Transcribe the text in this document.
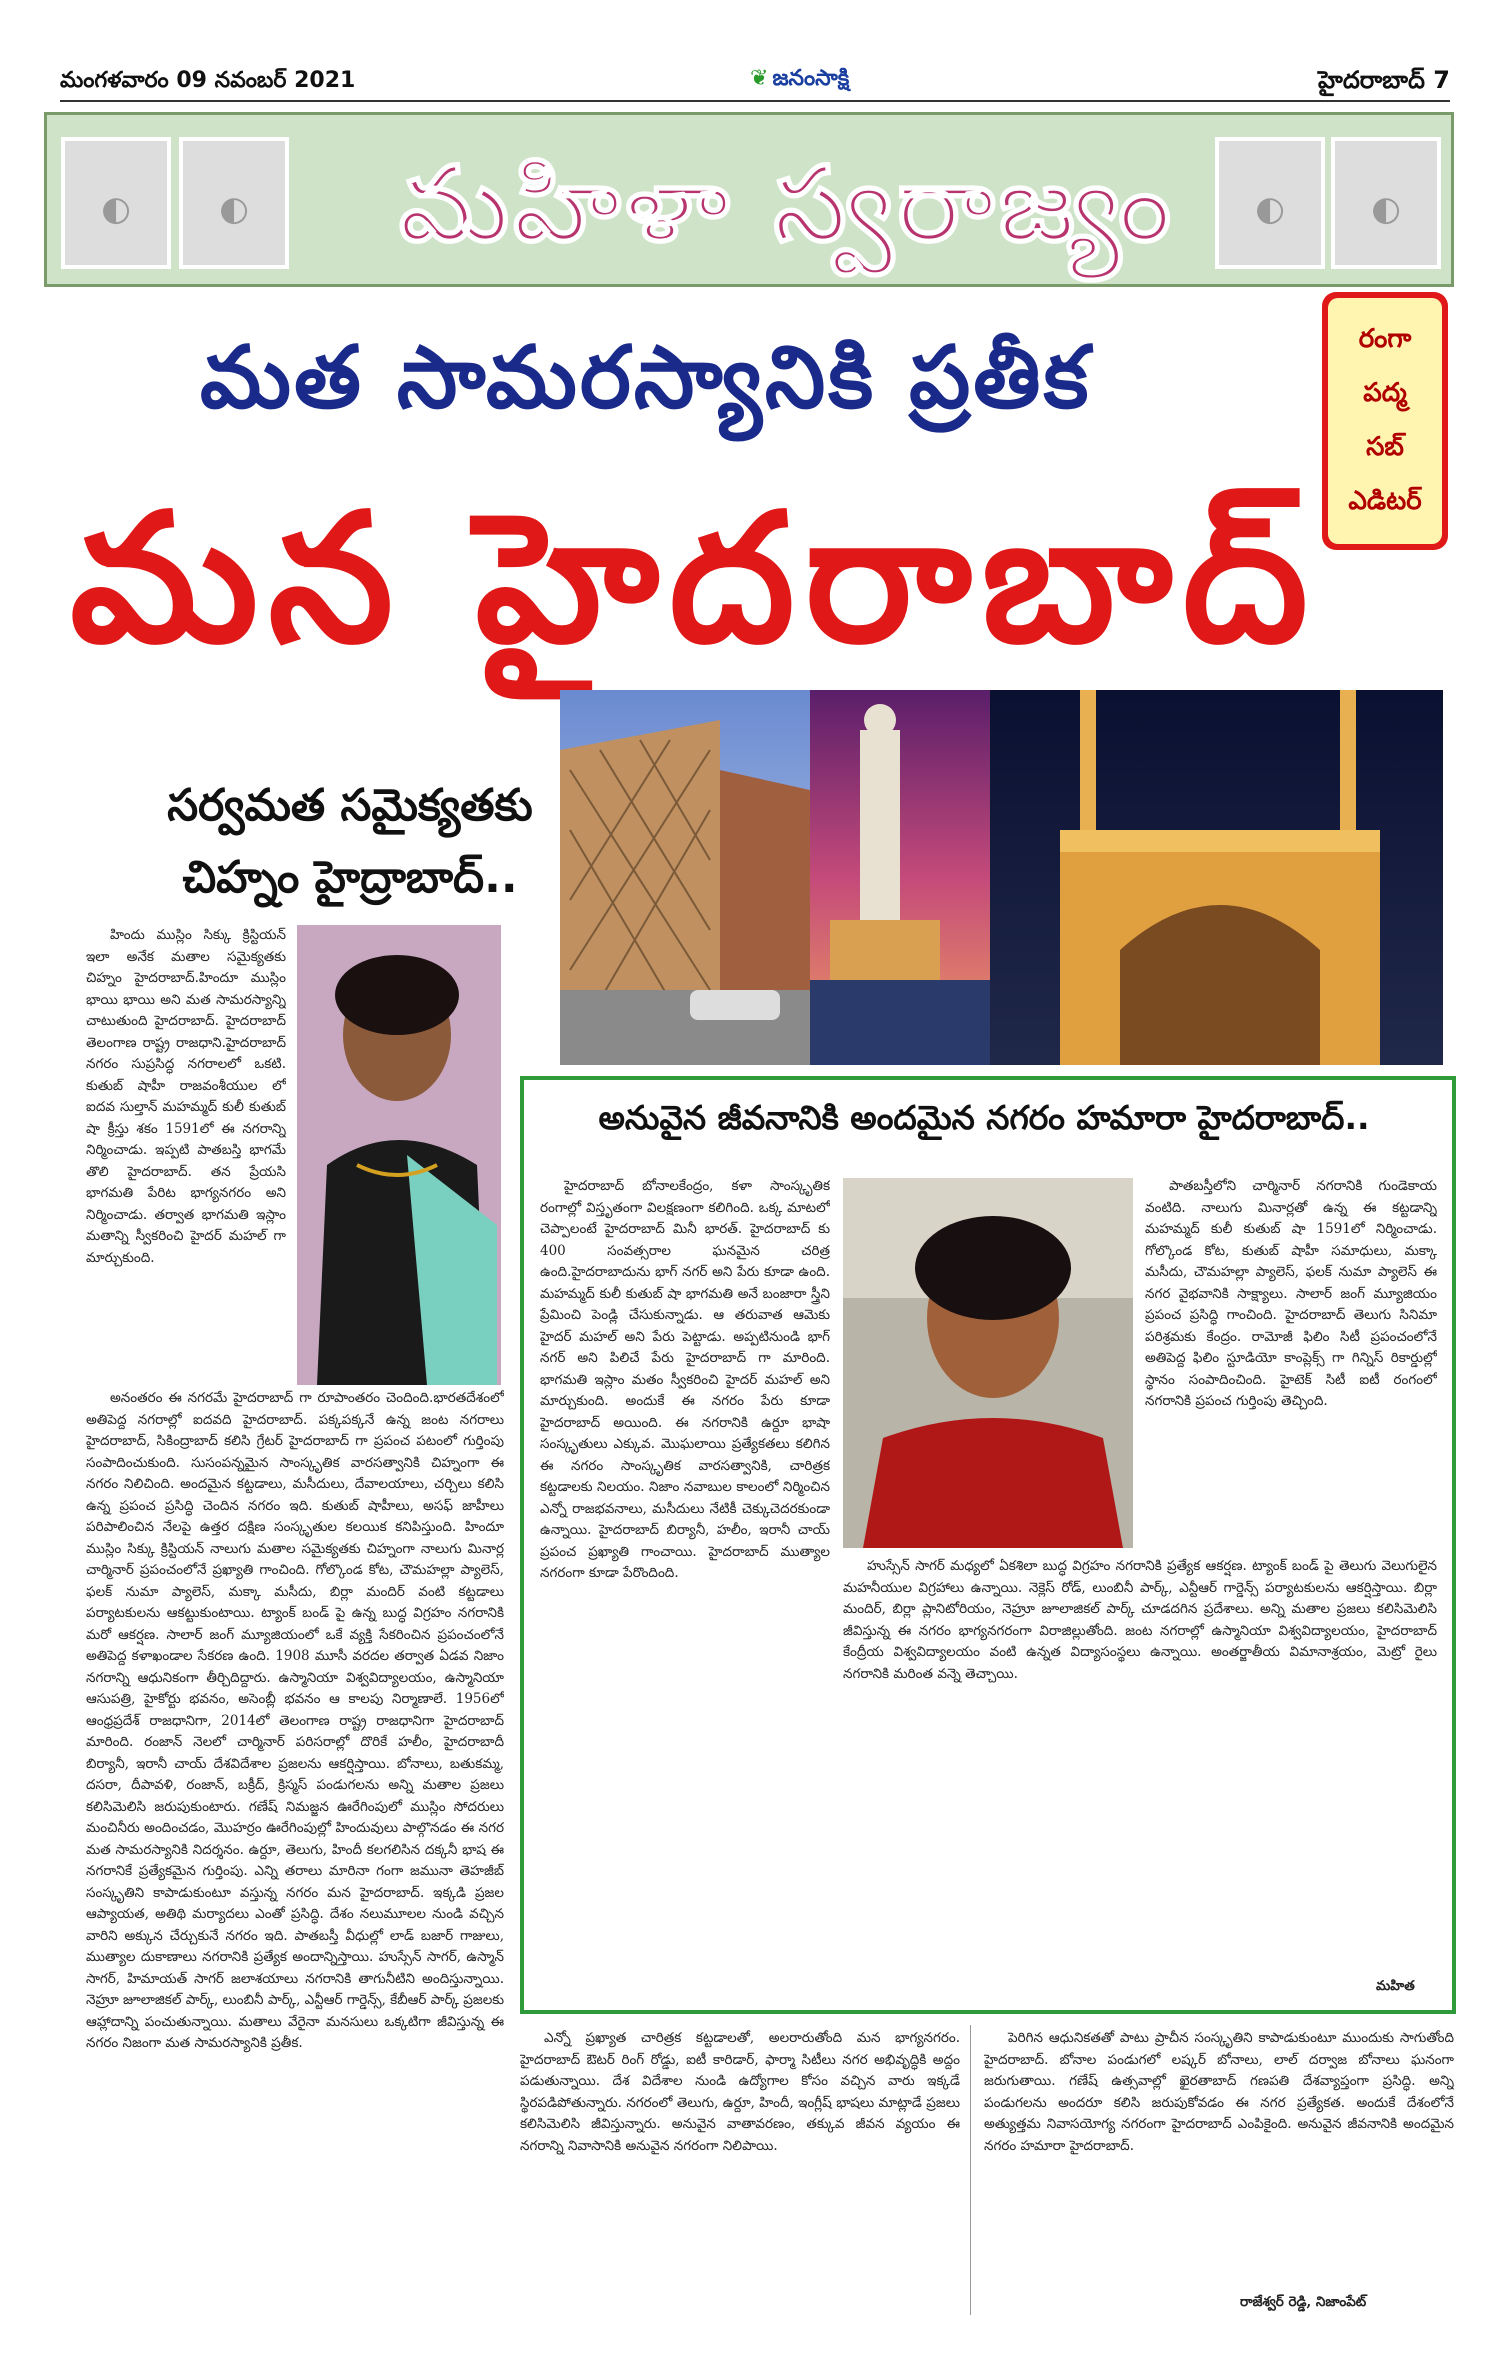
మంగళవారం 09 నవంబర్ 2021	❦ జనంసాక్షి	హైదరాబాద్ 7
◐	◐	మహిళా స్వరాజ్యం	◐	◐
మత సామరస్యానికి ప్రతీక
మన హైదరాబాద్
రంగా
పద్మ
సబ్
ఎడిటర్
సర్వమత సమైక్యతకు
చిహ్నం హైద్రాబాద్..
అనువైన జీవనానికి అందమైన నగరం హమారా హైదరాబాద్..

హిందు ముస్లిం సిక్కు క్రిస్టియన్ ఇలా అనేక మతాల సమైక్యతకు చిహ్నం హైదరాబాద్.హిందూ ముస్లిం భాయి భాయి అని మత సామరస్యాన్ని చాటుతుంది హైదరాబాద్. హైదరాబాద్ తెలంగాణ రాష్ట్ర రాజధాని.హైదరాబాద్ నగరం సుప్రసిద్ధ నగరాలలో ఒకటి. కుతుబ్ షాహీ రాజవంశీయుల లో ఐదవ సుల్తాన్ మహమ్మద్ కులీ కుతుబ్ షా క్రీస్తు శకం 1591లో ఈ నగరాన్ని నిర్మించాడు. ఇప్పటి పాతబస్తి భాగమే తొలి హైదరాబాద్. తన ప్రేయసి భాగమతి పేరిట భాగ్యనగరం అని నిర్మించాడు. తర్వాత భాగమతి ఇస్లాం మతాన్ని స్వీకరించి హైదర్ మహల్ గా మార్చుకుంది.

అనంతరం ఈ నగరమే హైదరాబాద్ గా రూపాంతరం చెందింది.భారతదేశంలో అతిపెద్ద నగరాల్లో ఐదవది హైదరాబాద్. పక్కపక్కనే ఉన్న జంట నగరాలు హైదరాబాద్, సికింద్రాబాద్ కలిసి గ్రేటర్ హైదరాబాద్ గా ప్రపంచ పటంలో గుర్తింపు సంపాదించుకుంది. సుసంపన్నమైన సాంస్కృతిక వారసత్వానికి చిహ్నంగా ఈ నగరం నిలిచింది. అందమైన కట్టడాలు, మసీదులు, దేవాలయాలు, చర్చిలు కలిసి ఉన్న ప్రపంచ ప్రసిద్ధి చెందిన నగరం ఇది. కుతుబ్ షాహీలు, అసఫ్ జాహీలు పరిపాలించిన నేలపై ఉత్తర దక్షిణ సంస్కృతుల కలయిక కనిపిస్తుంది. హిందూ ముస్లిం సిక్కు క్రిస్టియన్ నాలుగు మతాల సమైక్యతకు చిహ్నంగా నాలుగు మినార్ల చార్మినార్ ప్రపంచంలోనే ప్రఖ్యాతి గాంచింది. గోల్కొండ కోట, చౌమహల్లా ప్యాలెస్, ఫలక్ నుమా ప్యాలెస్, మక్కా మసీదు, బిర్లా మందిర్ వంటి కట్టడాలు పర్యాటకులను ఆకట్టుకుంటాయి. ట్యాంక్ బండ్ పై ఉన్న బుద్ధ విగ్రహం నగరానికి మరో ఆకర్షణ. సాలార్ జంగ్ మ్యూజియంలో ఒకే వ్యక్తి సేకరించిన ప్రపంచంలోనే అతిపెద్ద కళాఖండాల సేకరణ ఉంది. 1908 మూసీ వరదల తర్వాత ఏడవ నిజాం నగరాన్ని ఆధునికంగా తీర్చిదిద్దారు. ఉస్మానియా విశ్వవిద్యాలయం, ఉస్మానియా ఆసుపత్రి, హైకోర్టు భవనం, అసెంబ్లీ భవనం ఆ కాలపు నిర్మాణాలే. 1956లో ఆంధ్రప్రదేశ్ రాజధానిగా, 2014లో తెలంగాణ రాష్ట్ర రాజధానిగా హైదరాబాద్ మారింది. రంజాన్ నెలలో చార్మినార్ పరిసరాల్లో దొరికే హలీం, హైదరాబాదీ బిర్యానీ, ఇరానీ చాయ్ దేశవిదేశాల ప్రజలను ఆకర్షిస్తాయి. బోనాలు, బతుకమ్మ, దసరా, దీపావళి, రంజాన్, బక్రీద్, క్రిస్మస్ పండుగలను అన్ని మతాల ప్రజలు కలిసిమెలిసి జరుపుకుంటారు. గణేష్ నిమజ్జన ఊరేగింపులో ముస్లిం సోదరులు మంచినీరు అందించడం, మొహర్రం ఊరేగింపుల్లో హిందువులు పాల్గొనడం ఈ నగర మత సామరస్యానికి నిదర్శనం. ఉర్దూ, తెలుగు, హిందీ కలగలిసిన దక్కనీ భాష ఈ నగరానికే ప్రత్యేకమైన గుర్తింపు. ఎన్ని తరాలు మారినా గంగా జమునా తెహజీబ్ సంస్కృతిని కాపాడుకుంటూ వస్తున్న నగరం మన హైదరాబాద్. ఇక్కడి ప్రజల ఆప్యాయత, అతిథి మర్యాదలు ఎంతో ప్రసిద్ధి. దేశం నలుమూలల నుండి వచ్చిన వారిని అక్కున చేర్చుకునే నగరం ఇది. పాతబస్తీ వీధుల్లో లాడ్ బజార్ గాజులు, ముత్యాల దుకాణాలు నగరానికి ప్రత్యేక అందాన్నిస్తాయి. హుస్సేన్ సాగర్, ఉస్మాన్ సాగర్, హిమాయత్ సాగర్ జలాశయాలు నగరానికి తాగునీటిని అందిస్తున్నాయి. నెహ్రూ జూలాజికల్ పార్క్, లుంబినీ పార్క్, ఎన్టీఆర్ గార్డెన్స్, కేబీఆర్ పార్క్ ప్రజలకు ఆహ్లాదాన్ని పంచుతున్నాయి. మతాలు వేరైనా మనసులు ఒక్కటిగా జీవిస్తున్న ఈ నగరం నిజంగా మత సామరస్యానికి ప్రతీక.

హైదరాబాద్ బోనాలకేంద్రం, కళా సాంస్కృతిక రంగాల్లో విస్తృతంగా విలక్షణంగా కలిగింది. ఒక్క మాటలో చెప్పాలంటే హైదరాబాద్ మినీ భారత్. హైదరాబాద్ కు 400 సంవత్సరాల ఘనమైన చరిత్ర ఉంది.హైదరాబాదును భాగ్ నగర్ అని పేరు కూడా ఉంది. మహమ్మద్ కులీ కుతుబ్ షా భాగమతి అనే బంజారా స్త్రీని ప్రేమించి పెండ్లి చేసుకున్నాడు. ఆ తరువాత ఆమెకు హైదర్ మహల్ అని పేరు పెట్టాడు. అప్పటినుండి భాగ్ నగర్ అని పిలిచే పేరు హైదరాబాద్ గా మారింది. భాగమతి ఇస్లాం మతం స్వీకరించి హైదర్ మహల్ అని మార్చుకుంది. అందుకే ఈ నగరం పేరు కూడా హైదరాబాద్ అయింది. ఈ నగరానికి ఉర్దూ భాషా సంస్కృతులు ఎక్కువ. మొఘలాయి ప్రత్యేకతలు కలిగిన ఈ నగరం సాంస్కృతిక వారసత్వానికి, చారిత్రక కట్టడాలకు నిలయం. నిజాం నవాబుల కాలంలో నిర్మించిన ఎన్నో రాజభవనాలు, మసీదులు నేటికీ చెక్కుచెదరకుండా ఉన్నాయి. హైదరాబాద్ బిర్యానీ, హలీం, ఇరానీ చాయ్ ప్రపంచ ప్రఖ్యాతి గాంచాయి. హైదరాబాద్ ముత్యాల నగరంగా కూడా పేరొందింది.

పాతబస్తీలోని చార్మినార్ నగరానికి గుండెకాయ వంటిది. నాలుగు మినార్లతో ఉన్న ఈ కట్టడాన్ని మహమ్మద్ కులీ కుతుబ్ షా 1591లో నిర్మించాడు. గోల్కొండ కోట, కుతుబ్ షాహీ సమాధులు, మక్కా మసీదు, చౌమహల్లా ప్యాలెస్, ఫలక్ నుమా ప్యాలెస్ ఈ నగర వైభవానికి సాక్ష్యాలు. సాలార్ జంగ్ మ్యూజియం ప్రపంచ ప్రసిద్ధి గాంచింది. హైదరాబాద్ తెలుగు సినిమా పరిశ్రమకు కేంద్రం. రామోజీ ఫిలిం సిటీ ప్రపంచంలోనే అతిపెద్ద ఫిలిం స్టూడియో కాంప్లెక్స్ గా గిన్నిస్ రికార్డుల్లో స్థానం సంపాదించింది. హైటెక్ సిటీ ఐటీ రంగంలో నగరానికి ప్రపంచ గుర్తింపు తెచ్చింది.

హుస్సేన్ సాగర్ మధ్యలో ఏకశిలా బుద్ధ విగ్రహం నగరానికి ప్రత్యేక ఆకర్షణ. ట్యాంక్ బండ్ పై తెలుగు వెలుగులైన మహనీయుల విగ్రహాలు ఉన్నాయి. నెక్లెస్ రోడ్, లుంబినీ పార్క్, ఎన్టీఆర్ గార్డెన్స్ పర్యాటకులను ఆకర్షిస్తాయి. బిర్లా మందిర్, బిర్లా ప్లానిటోరియం, నెహ్రూ జూలాజికల్ పార్క్ చూడదగిన ప్రదేశాలు. అన్ని మతాల ప్రజలు కలిసిమెలిసి జీవిస్తున్న ఈ నగరం భాగ్యనగరంగా విరాజిల్లుతోంది. జంట నగరాల్లో ఉస్మానియా విశ్వవిద్యాలయం, హైదరాబాద్ కేంద్రీయ విశ్వవిద్యాలయం వంటి ఉన్నత విద్యాసంస్థలు ఉన్నాయి. అంతర్జాతీయ విమానాశ్రయం, మెట్రో రైలు నగరానికి మరింత వన్నె తెచ్చాయి.

మహిత

ఎన్నో ప్రఖ్యాత చారిత్రక కట్టడాలతో, అలరారుతోంది మన భాగ్యనగరం. హైదరాబాద్ ఔటర్ రింగ్ రోడ్డు, ఐటీ కారిడార్, ఫార్మా సిటీలు నగర అభివృద్ధికి అద్దం పడుతున్నాయి. దేశ విదేశాల నుండి ఉద్యోగాల కోసం వచ్చిన వారు ఇక్కడే స్థిరపడిపోతున్నారు. నగరంలో తెలుగు, ఉర్దూ, హిందీ, ఇంగ్లీష్ భాషలు మాట్లాడే ప్రజలు కలిసిమెలిసి జీవిస్తున్నారు. అనువైన వాతావరణం, తక్కువ జీవన వ్యయం ఈ నగరాన్ని నివాసానికి అనువైన నగరంగా నిలిపాయి.

పెరిగిన ఆధునికతతో పాటు ప్రాచీన సంస్కృతిని కాపాడుకుంటూ ముందుకు సాగుతోంది హైదరాబాద్. బోనాల పండుగలో లష్కర్ బోనాలు, లాల్ దర్వాజ బోనాలు ఘనంగా జరుగుతాయి. గణేష్ ఉత్సవాల్లో ఖైరతాబాద్ గణపతి దేశవ్యాప్తంగా ప్రసిద్ధి. అన్ని పండుగలను అందరూ కలిసి జరుపుకోవడం ఈ నగర ప్రత్యేకత. అందుకే దేశంలోనే అత్యుత్తమ నివాసయోగ్య నగరంగా హైదరాబాద్ ఎంపికైంది. అనువైన జీవనానికి అందమైన నగరం హమారా హైదరాబాద్.

రాజేశ్వర్ రెడ్డి, నిజాంపేట్
